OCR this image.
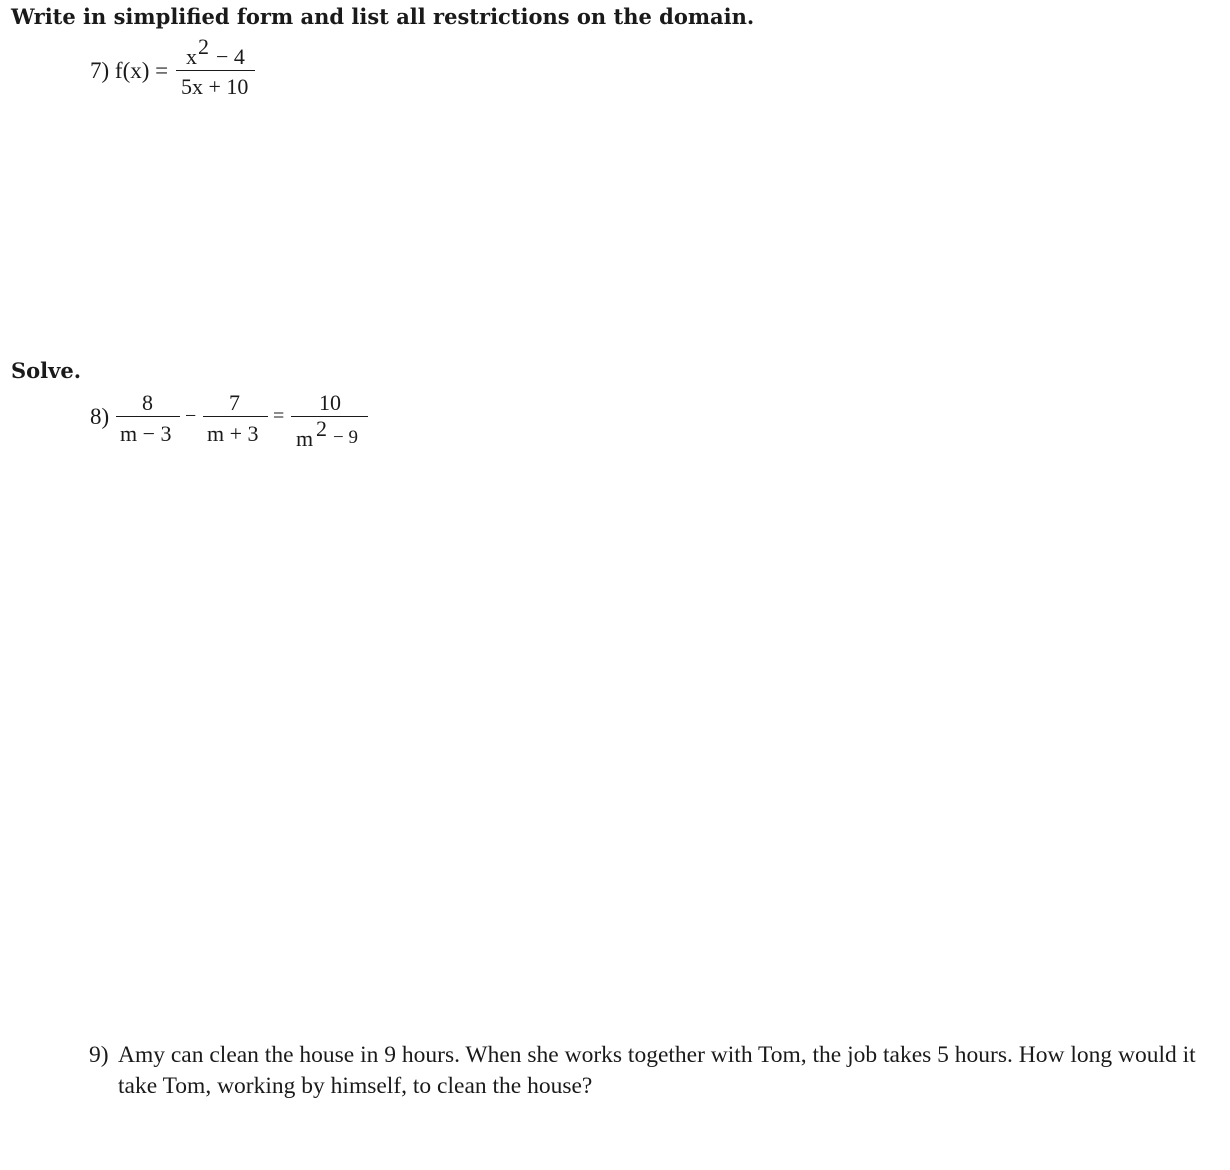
Write in simplified form and list all restrictions on the domain.
7) f(x) =
x 2 − 4
5x + 10
Solve.
8)
8
m − 3
−
7
m + 3
=
10
m 2 − 9
9) Amy can clean the house in 9 hours. When she works together with Tom, the job takes 5 hours. How long would it take Tom, working by himself, to clean the house?
